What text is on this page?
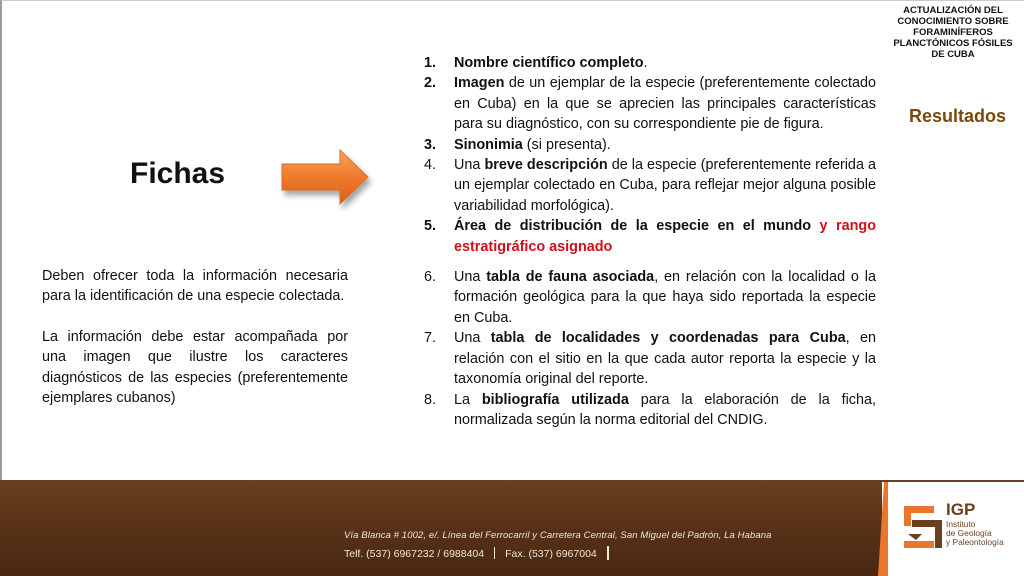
ACTUALIZACIÓN DEL CONOCIMIENTO SOBRE FORAMINÍFEROS PLANCTÓNICOS FÓSILES DE CUBA
Resultados
Fichas

Deben ofrecer toda la información necesaria para la identificación de una especie colectada.

La información debe estar acompañada por una imagen que ilustre los caracteres diagnósticos de las especies (preferentemente ejemplares cubanos)

1. Nombre científico completo.
2. Imagen de un ejemplar de la especie (preferentemente colectado en Cuba) en la que se aprecien las principales características para su diagnóstico, con su correspondiente pie de figura.
3. Sinonimia (si presenta).
4. Una breve descripción de la especie (preferentemente referida a un ejemplar colectado en Cuba, para reflejar mejor alguna posible variabilidad morfológica).
5. Área de distribución de la especie en el mundo y rango estratigráfico asignado
6. Una tabla de fauna asociada, en relación con la localidad o la formación geológica para la que haya sido reportada la especie en Cuba.
7. Una tabla de localidades y coordenadas para Cuba, en relación con el sitio en la que cada autor reporta la especie y la taxonomía original del reporte.
8. La bibliografía utilizada para la elaboración de la ficha, normalizada según la norma editorial del CNDIG.
Vía Blanca # 1002, e/. Línea del Ferrocarril y Carretera Central, San Miguel del Padrón, La Habana
Telf. (537) 6967232 / 6988404 Fax. (537) 6967004
IGP
Instituto
de Geología
y Paleontología
